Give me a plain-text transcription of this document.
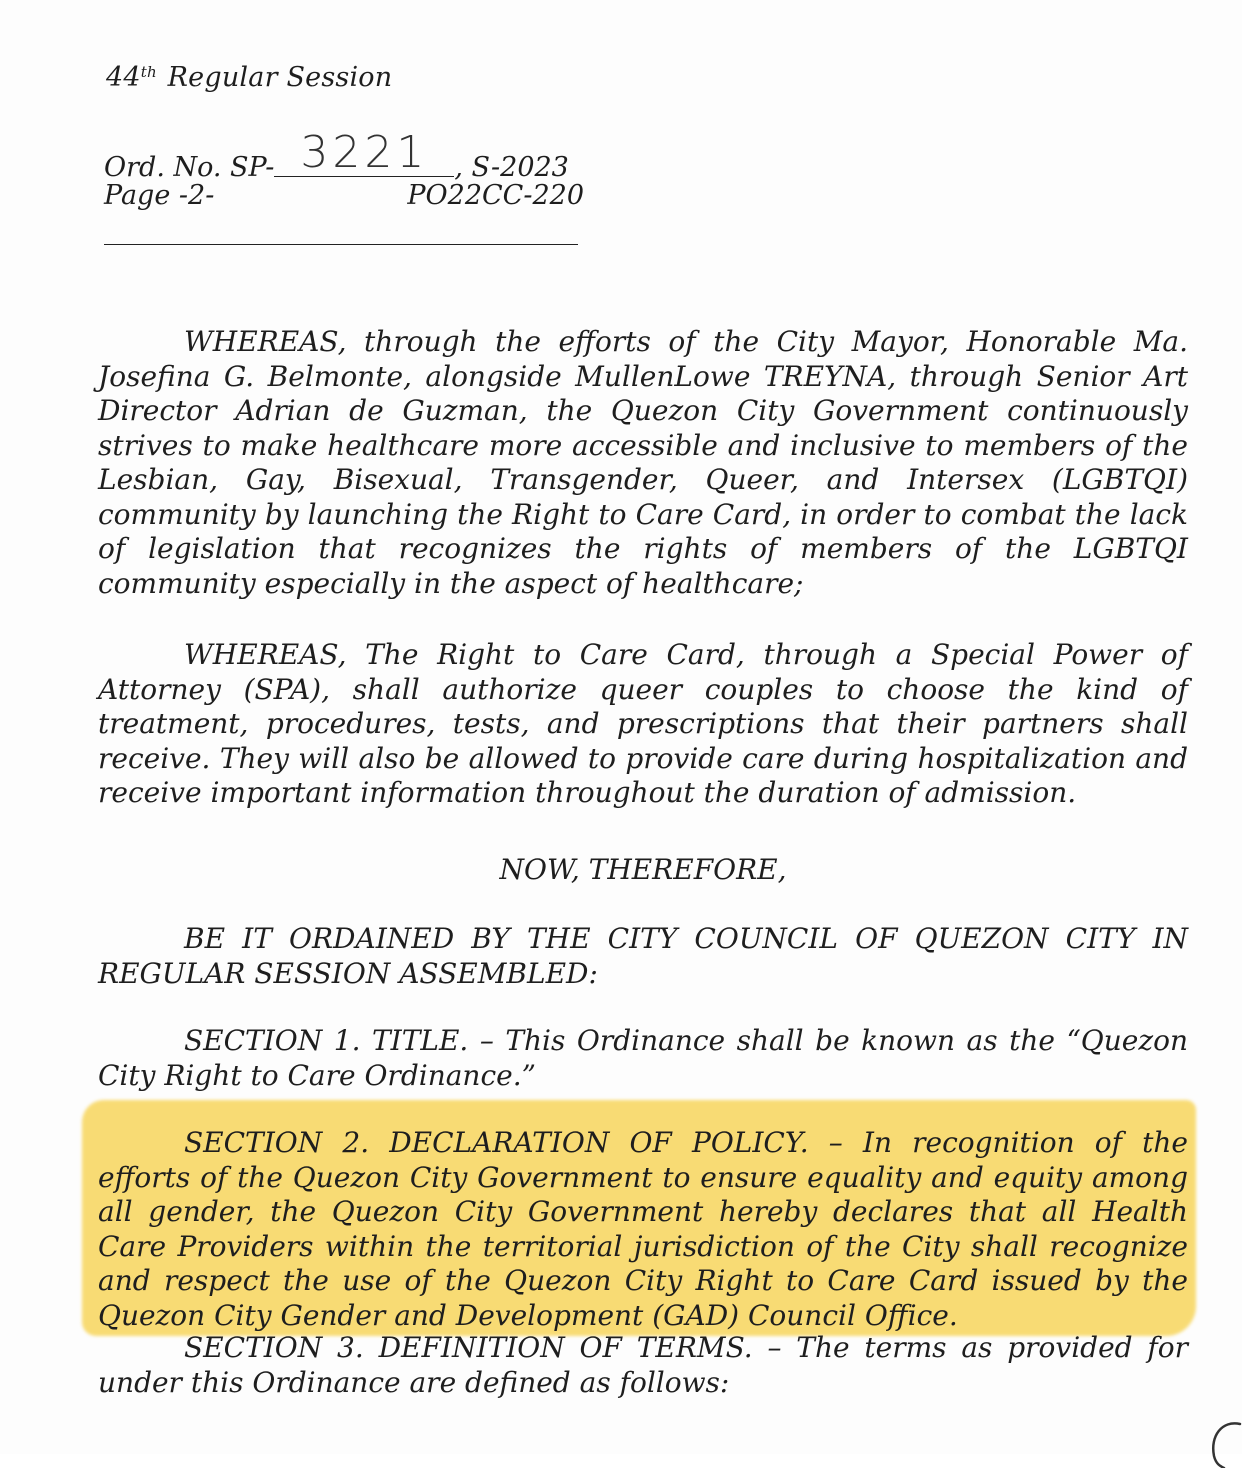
44th Regular Session
Ord. No. SP- 3221 , S-2023
Page -2-	PO22CC-220

WHEREAS, through the efforts of the City Mayor, Honorable Ma. Josefina G. Belmonte, alongside MullenLowe TREYNA, through Senior Art Director Adrian de Guzman, the Quezon City Government continuously strives to make healthcare more accessible and inclusive to members of the Lesbian, Gay, Bisexual, Transgender, Queer, and Intersex (LGBTQI) community by launching the Right to Care Card, in order to combat the lack of legislation that recognizes the rights of members of the LGBTQI community especially in the aspect of healthcare;

WHEREAS, The Right to Care Card, through a Special Power of Attorney (SPA), shall authorize queer couples to choose the kind of treatment, procedures, tests, and prescriptions that their partners shall receive. They will also be allowed to provide care during hospitalization and receive important information throughout the duration of admission.

NOW, THEREFORE,

BE IT ORDAINED BY THE CITY COUNCIL OF QUEZON CITY IN REGULAR SESSION ASSEMBLED:

SECTION 1. TITLE. – This Ordinance shall be known as the “Quezon City Right to Care Ordinance.”

SECTION 2. DECLARATION OF POLICY. – In recognition of the efforts of the Quezon City Government to ensure equality and equity among all gender, the Quezon City Government hereby declares that all Health Care Providers within the territorial jurisdiction of the City shall recognize and respect the use of the Quezon City Right to Care Card issued by the Quezon City Gender and Development (GAD) Council Office.

SECTION 3. DEFINITION OF TERMS. – The terms as provided for under this Ordinance are defined as follows:
